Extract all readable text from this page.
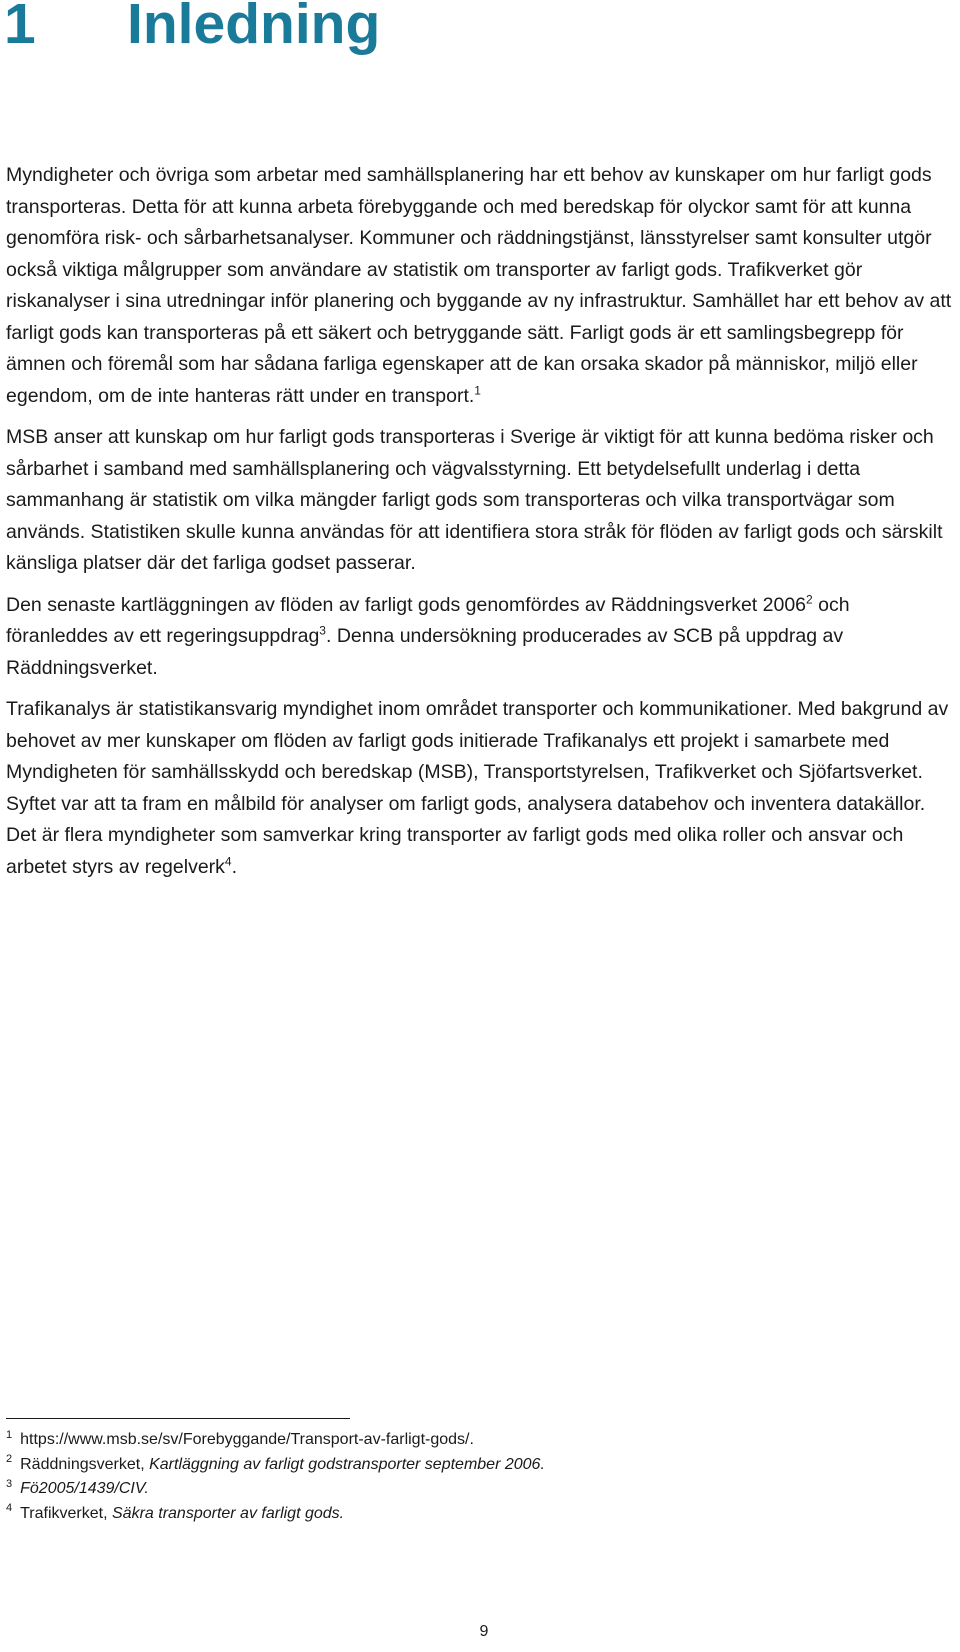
1 Inledning

Myndigheter och övriga som arbetar med samhällsplanering har ett behov av kunskaper om hur farligt gods transporteras. Detta för att kunna arbeta förebyggande och med beredskap för olyckor samt för att kunna genomföra risk- och sårbarhetsanalyser. Kommuner och räddningstjänst, länsstyrelser samt konsulter utgör också viktiga målgrupper som användare av statistik om transporter av farligt gods. Trafikverket gör riskanalyser i sina utredningar inför planering och byggande av ny infrastruktur. Samhället har ett behov av att farligt gods kan transporteras på ett säkert och betryggande sätt. Farligt gods är ett samlingsbegrepp för ämnen och föremål som har sådana farliga egenskaper att de kan orsaka skador på människor, miljö eller egendom, om de inte hanteras rätt under en transport.$^1$

MSB anser att kunskap om hur farligt gods transporteras i Sverige är viktigt för att kunna bedöma risker och sårbarhet i samband med samhällsplanering och vägvalsstyrning. Ett betydelsefullt underlag i detta sammanhang är statistik om vilka mängder farligt gods som transporteras och vilka transportvägar som används. Statistiken skulle kunna användas för att identifiera stora stråk för flöden av farligt gods och särskilt känsliga platser där det farliga godset passerar.

Den senaste kartläggningen av flöden av farligt gods genomfördes av Räddningsverket 2006$^2$ och föranleddes av ett regeringsuppdrag$^3$. Denna undersökning producerades av SCB på uppdrag av Räddningsverket.

Trafikanalys är statistikansvarig myndighet inom området transporter och kommunikationer. Med bakgrund av behovet av mer kunskaper om flöden av farligt gods initierade Trafikanalys ett projekt i samarbete med Myndigheten för samhällsskydd och beredskap (MSB), Transportstyrelsen, Trafikverket och Sjöfartsverket. Syftet var att ta fram en målbild för analyser om farligt gods, analysera databehov och inventera datakällor. Det är flera myndigheter som samverkar kring transporter av farligt gods med olika roller och ansvar och arbetet styrs av regelverk$^4$.

$^1$ https://www.msb.se/sv/Forebyggande/Transport-av-farligt-gods/.

$^2$ Räddningsverket, Kartläggning av farligt godstransporter september 2006.

$^3$ Fö2005/1439/CIV.

$^4$ Trafikverket, Säkra transporter av farligt gods.

9
